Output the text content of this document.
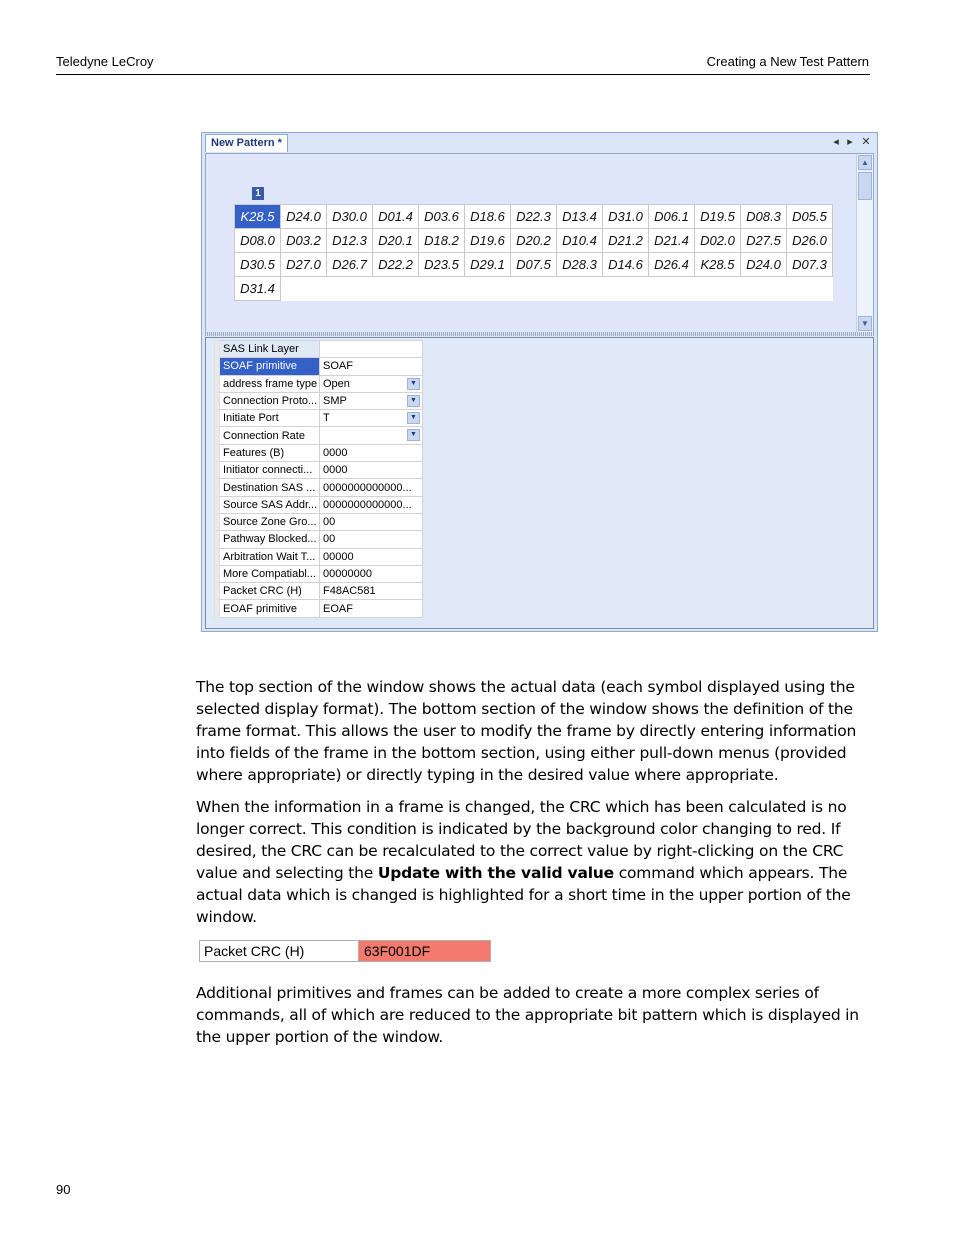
Teledyne LeCroy	Creating a New Test Pattern
New Pattern *	◂ ▸ ✕
1
K28.5	D24.0	D30.0	D01.4	D03.6	D18.6	D22.3	D13.4	D31.0	D06.1	D19.5	D08.3	D05.5
D08.0	D03.2	D12.3	D20.1	D18.2	D19.6	D20.2	D10.4	D21.2	D21.4	D02.0	D27.5	D26.0
D30.5	D27.0	D26.7	D22.2	D23.5	D29.1	D07.5	D28.3	D14.6	D26.4	K28.5	D24.0	D07.3
D31.4												
▲
▼
	SAS Link Layer	
	SOAF primitive	SOAF
	address frame type	Open ▼

	Connection Proto...	SMP ▼

	Initiate Port	T ▼

	Connection Rate	▼

	Features (B)	0000
	Initiator connecti...	0000
	Destination SAS ...	0000000000000...
	Source SAS Addr...	0000000000000...
	Source Zone Gro...	00
	Pathway Blocked...	00
	Arbitration Wait T...	00000
	More Compatiabl...	00000000
	Packet CRC (H)	F48AC581
	EOAF primitive	EOAF
The top section of the window shows the actual data (each symbol displayed using the selected display format). The bottom section of the window shows the definition of the frame format. This allows the user to modify the frame by directly entering information into fields of the frame in the bottom section, using either pull-down menus (provided where appropriate) or directly typing in the desired value where appropriate.
When the information in a frame is changed, the CRC which has been calculated is no longer correct. This condition is indicated by the background color changing to red. If desired, the CRC can be recalculated to the correct value by right-clicking on the CRC value and selecting the Update with the valid value command which appears. The actual data which is changed is highlighted for a short time in the upper portion of the window.
Packet CRC (H)	63F001DF
Additional primitives and frames can be added to create a more complex series of commands, all of which are reduced to the appropriate bit pattern which is displayed in the upper portion of the window.
90
